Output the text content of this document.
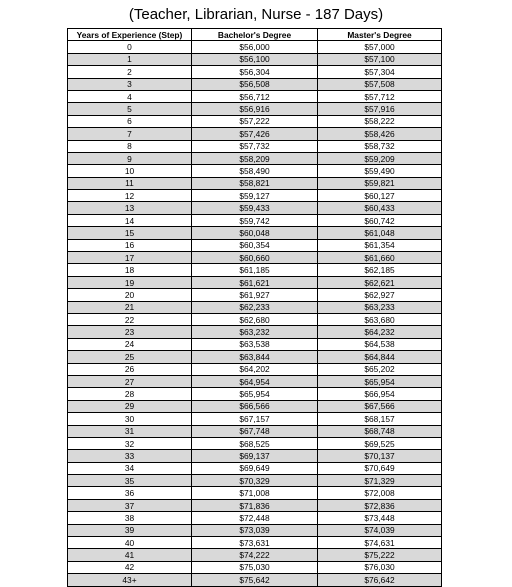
(Teacher, Librarian, Nurse - 187 Days)
Years of Experience (Step)	Bachelor's Degree	Master's Degree
0	$56,000	$57,000
1	$56,100	$57,100
2	$56,304	$57,304
3	$56,508	$57,508
4	$56,712	$57,712
5	$56,916	$57,916
6	$57,222	$58,222
7	$57,426	$58,426
8	$57,732	$58,732
9	$58,209	$59,209
10	$58,490	$59,490
11	$58,821	$59,821
12	$59,127	$60,127
13	$59,433	$60,433
14	$59,742	$60,742
15	$60,048	$61,048
16	$60,354	$61,354
17	$60,660	$61,660
18	$61,185	$62,185
19	$61,621	$62,621
20	$61,927	$62,927
21	$62,233	$63,233
22	$62,680	$63,680
23	$63,232	$64,232
24	$63,538	$64,538
25	$63,844	$64,844
26	$64,202	$65,202
27	$64,954	$65,954
28	$65,954	$66,954
29	$66,566	$67,566
30	$67,157	$68,157
31	$67,748	$68,748
32	$68,525	$69,525
33	$69,137	$70,137
34	$69,649	$70,649
35	$70,329	$71,329
36	$71,008	$72,008
37	$71,836	$72,836
38	$72,448	$73,448
39	$73,039	$74,039
40	$73,631	$74,631
41	$74,222	$75,222
42	$75,030	$76,030
43+	$75,642	$76,642
